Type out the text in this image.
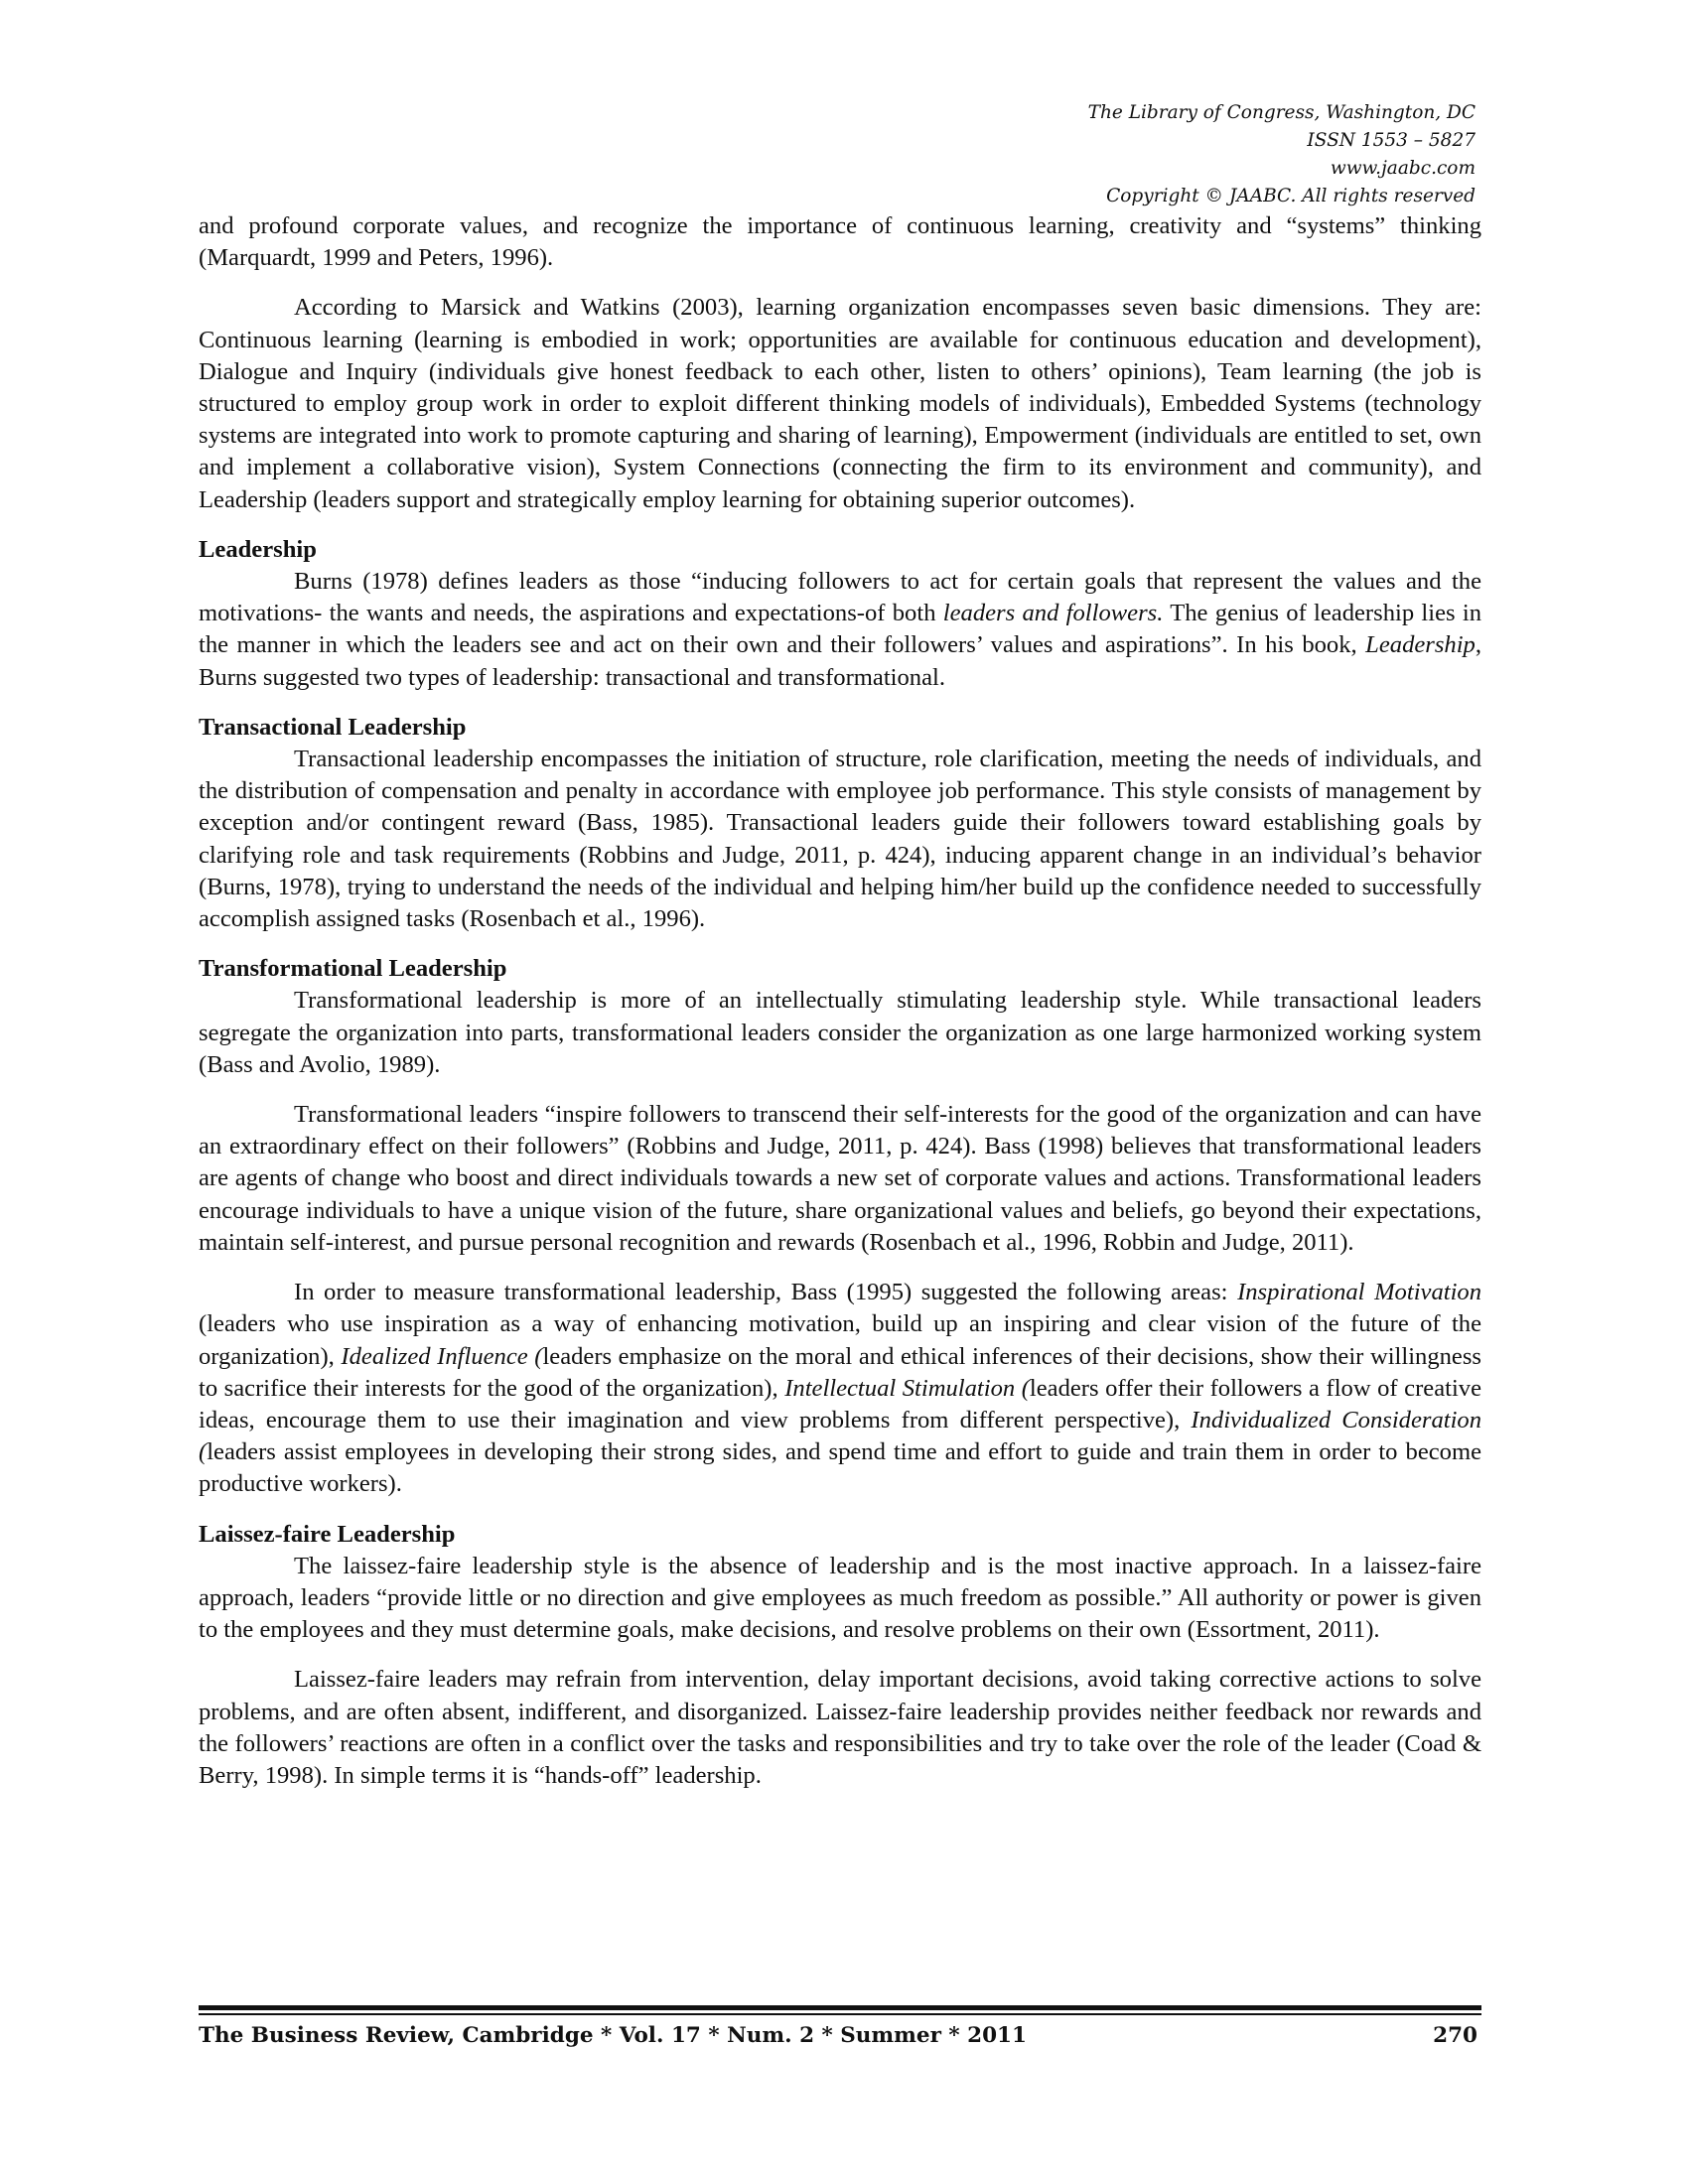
The Library of Congress, Washington, DC
ISSN 1553 – 5827
www.jaabc.com
Copyright © JAABC. All rights reserved

and profound corporate values, and recognize the importance of continuous learning, creativity and “systems” thinking (Marquardt, 1999 and Peters, 1996).

According to Marsick and Watkins (2003), learning organization encompasses seven basic dimensions. They are: Continuous learning (learning is embodied in work; opportunities are available for continuous education and development), Dialogue and Inquiry (individuals give honest feedback to each other, listen to others’ opinions), Team learning (the job is structured to employ group work in order to exploit different thinking models of individuals), Embedded Systems (technology systems are integrated into work to promote capturing and sharing of learning), Empowerment (individuals are entitled to set, own and implement a collaborative vision), System Connections (connecting the firm to its environment and community), and Leadership (leaders support and strategically employ learning for obtaining superior outcomes).

Leadership

Burns (1978) defines leaders as those “inducing followers to act for certain goals that represent the values and the motivations- the wants and needs, the aspirations and expectations-of both leaders and followers. The genius of leadership lies in the manner in which the leaders see and act on their own and their followers’ values and aspirations”. In his book, Leadership, Burns suggested two types of leadership: transactional and transformational.

Transactional Leadership

Transactional leadership encompasses the initiation of structure, role clarification, meeting the needs of individuals, and the distribution of compensation and penalty in accordance with employee job performance. This style consists of management by exception and/or contingent reward (Bass, 1985). Transactional leaders guide their followers toward establishing goals by clarifying role and task requirements (Robbins and Judge, 2011, p. 424), inducing apparent change in an individual’s behavior (Burns, 1978), trying to understand the needs of the individual and helping him/her build up the confidence needed to successfully accomplish assigned tasks (Rosenbach et al., 1996).

Transformational Leadership

Transformational leadership is more of an intellectually stimulating leadership style. While transactional leaders segregate the organization into parts, transformational leaders consider the organization as one large harmonized working system (Bass and Avolio, 1989).

Transformational leaders “inspire followers to transcend their self-interests for the good of the organization and can have an extraordinary effect on their followers” (Robbins and Judge, 2011, p. 424). Bass (1998) believes that transformational leaders are agents of change who boost and direct individuals towards a new set of corporate values and actions. Transformational leaders encourage individuals to have a unique vision of the future, share organizational values and beliefs, go beyond their expectations, maintain self-interest, and pursue personal recognition and rewards (Rosenbach et al., 1996, Robbin and Judge, 2011).

In order to measure transformational leadership, Bass (1995) suggested the following areas: Inspirational Motivation (leaders who use inspiration as a way of enhancing motivation, build up an inspiring and clear vision of the future of the organization), Idealized Influence (leaders emphasize on the moral and ethical inferences of their decisions, show their willingness to sacrifice their interests for the good of the organization), Intellectual Stimulation (leaders offer their followers a flow of creative ideas, encourage them to use their imagination and view problems from different perspective), Individualized Consideration (leaders assist employees in developing their strong sides, and spend time and effort to guide and train them in order to become productive workers).

Laissez-faire Leadership

The laissez-faire leadership style is the absence of leadership and is the most inactive approach. In a laissez-faire approach, leaders “provide little or no direction and give employees as much freedom as possible.” All authority or power is given to the employees and they must determine goals, make decisions, and resolve problems on their own (Essortment, 2011).

Laissez-faire leaders may refrain from intervention, delay important decisions, avoid taking corrective actions to solve problems, and are often absent, indifferent, and disorganized. Laissez-faire leadership provides neither feedback nor rewards and the followers’ reactions are often in a conflict over the tasks and responsibilities and try to take over the role of the leader (Coad & Berry, 1998). In simple terms it is “hands-off” leadership.

The Business Review, Cambridge * Vol. 17 * Num. 2 * Summer * 2011	270
